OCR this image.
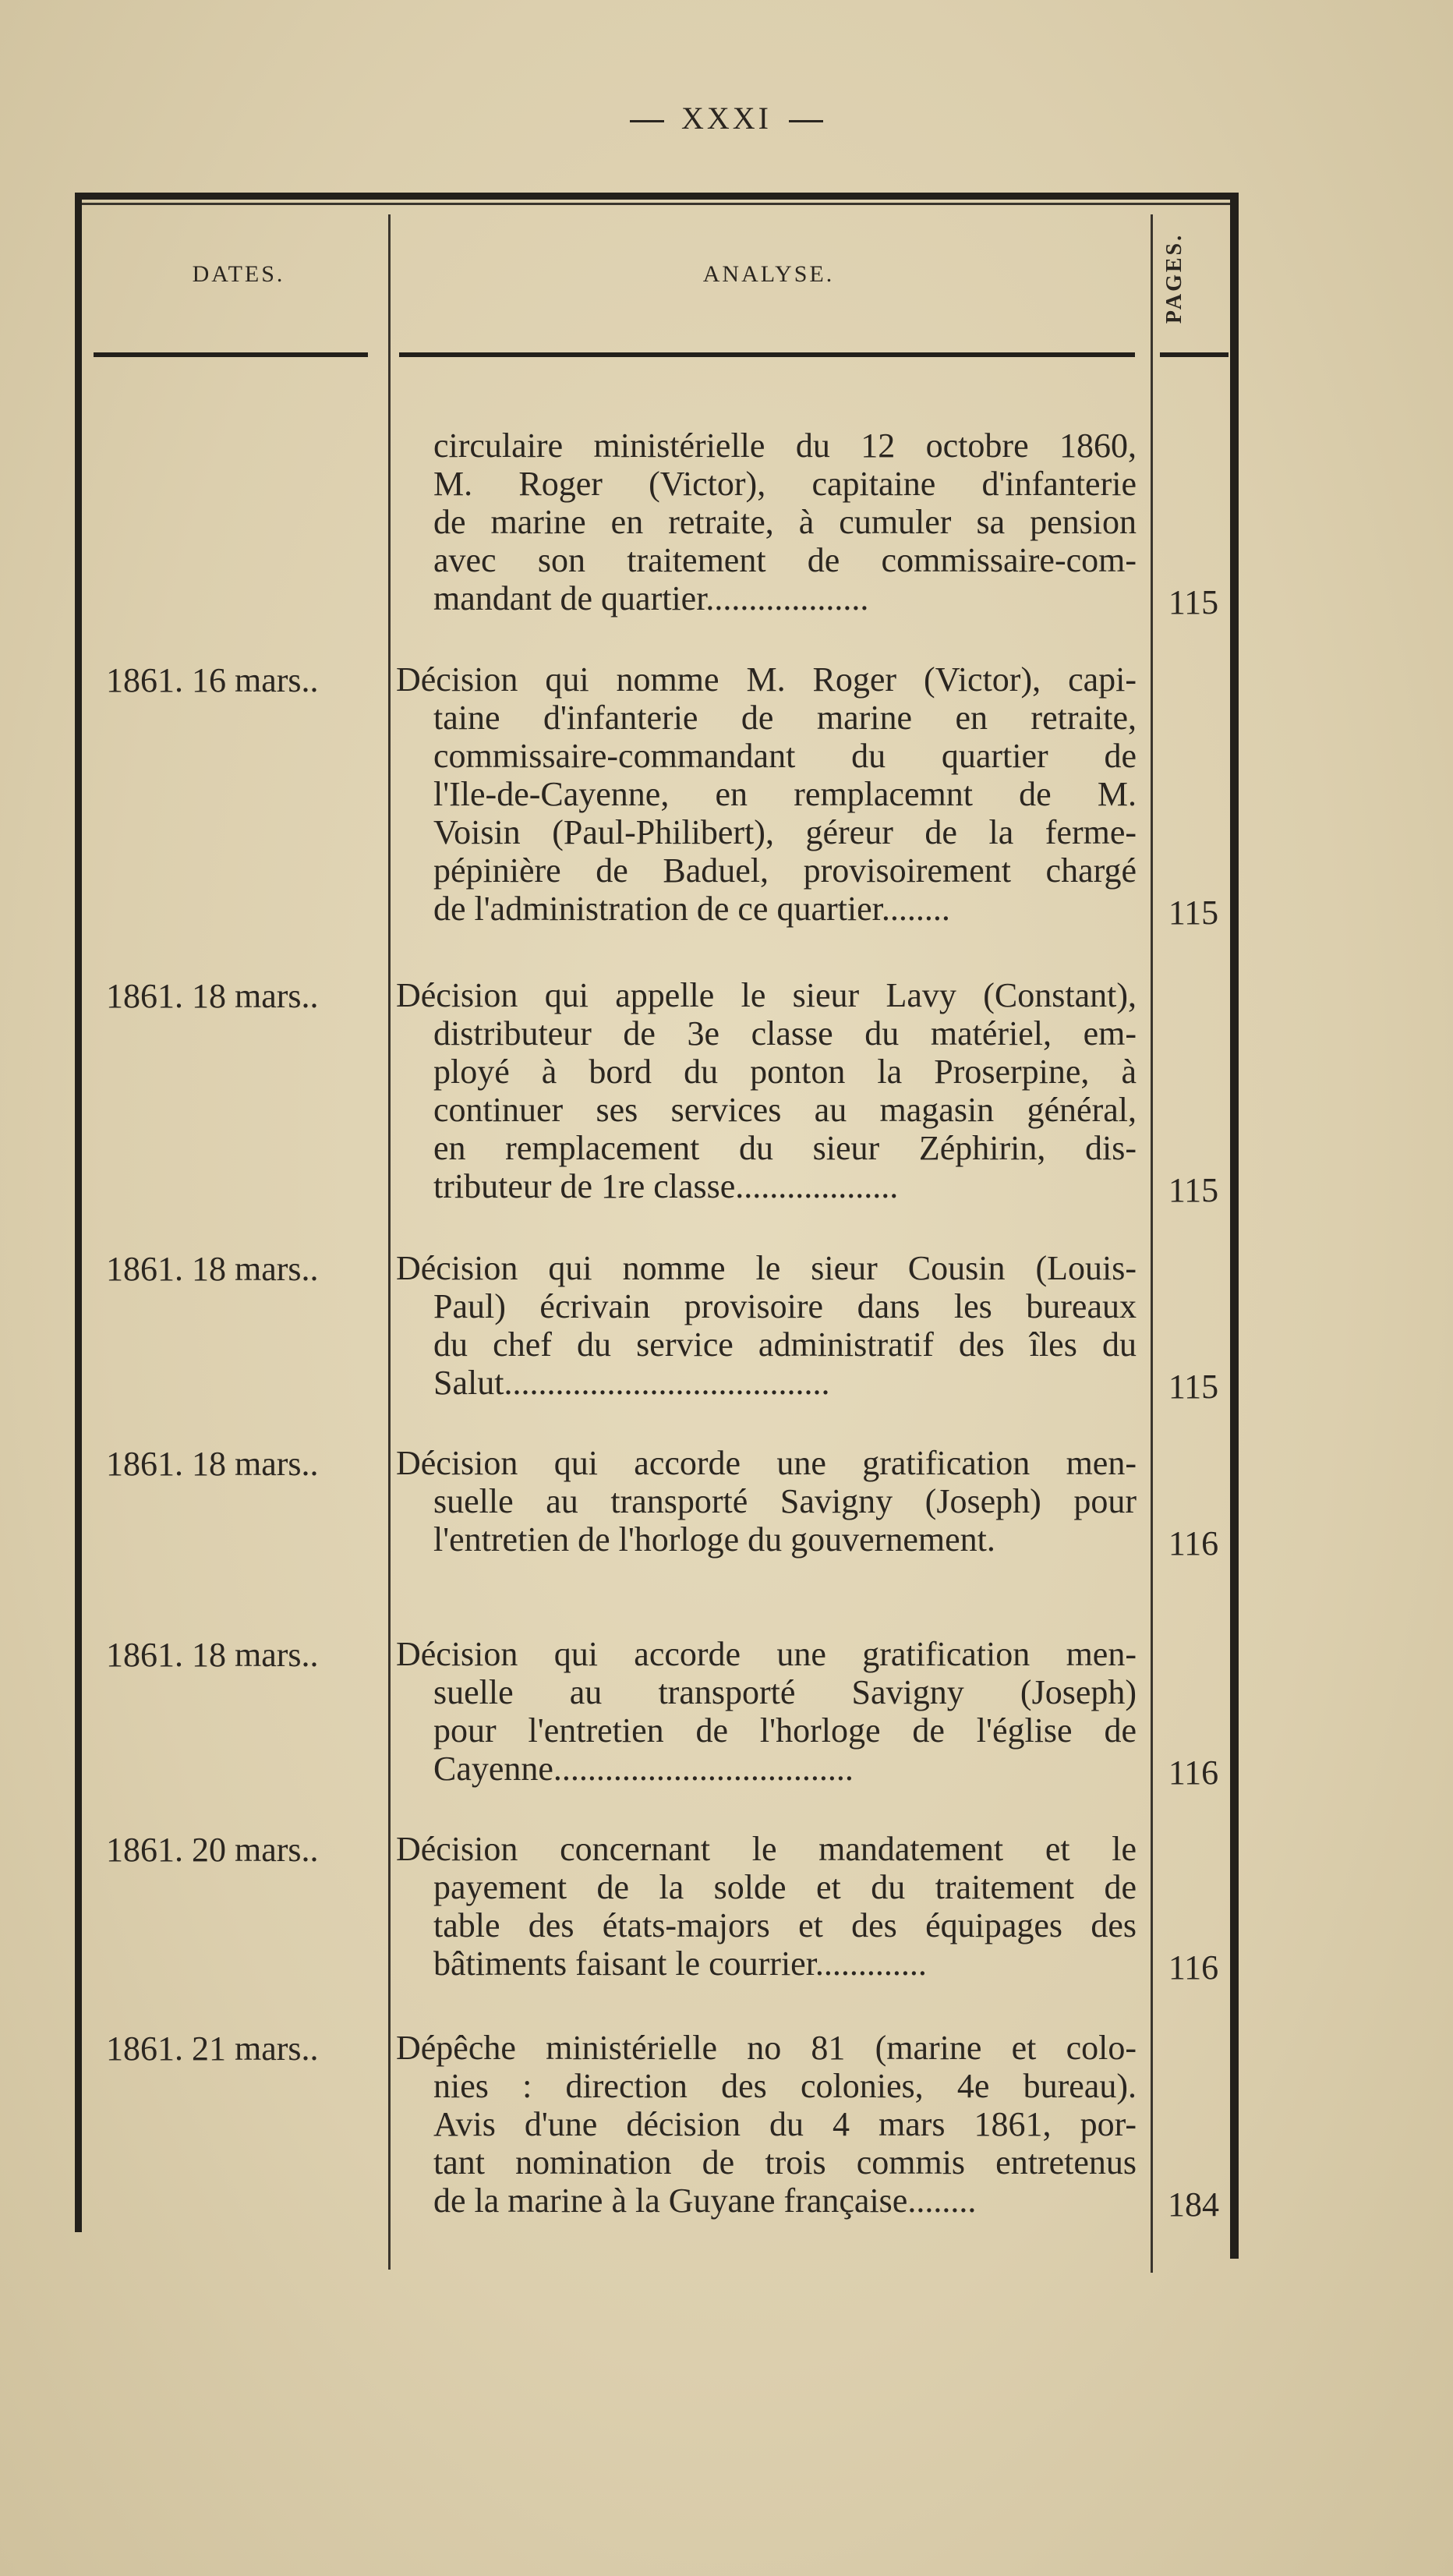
XXXI
DATES.	ANALYSE.	PAGES.
circulaire ministérielle du 12 octobre 1860,
M. Roger (Victor), capitaine d'infanterie
de marine en retraite, à cumuler sa pension
avec son traitement de commissaire-com-
mandant de quartier...................	115
1861. 16 mars..	Décision qui nomme M. Roger (Victor), capi-
taine d'infanterie de marine en retraite,
commissaire-commandant du quartier de
l'Ile-de-Cayenne, en remplacemnt de M.
Voisin (Paul-Philibert), géreur de la ferme-
pépinière de Baduel, provisoirement chargé
de l'administration de ce quartier........	115
1861. 18 mars..	Décision qui appelle le sieur Lavy (Constant),
distributeur de 3e classe du matériel, em-
ployé à bord du ponton la Proserpine, à
continuer ses services au magasin général,
en remplacement du sieur Zéphirin, dis-
tributeur de 1re classe...................	115
1861. 18 mars..	Décision qui nomme le sieur Cousin (Louis-
Paul) écrivain provisoire dans les bureaux
du chef du service administratif des îles du
Salut......................................	115
1861. 18 mars..	Décision qui accorde une gratification men-
suelle au transporté Savigny (Joseph) pour
l'entretien de l'horloge du gouvernement.	116
1861. 18 mars..	Décision qui accorde une gratification men-
suelle au transporté Savigny (Joseph)
pour l'entretien de l'horloge de l'église de
Cayenne...................................	116
1861. 20 mars..	Décision concernant le mandatement et le
payement de la solde et du traitement de
table des états-majors et des équipages des
bâtiments faisant le courrier.............	116
1861. 21 mars..	Dépêche ministérielle no 81 (marine et colo-
nies : direction des colonies, 4e bureau).
Avis d'une décision du 4 mars 1861, por-
tant nomination de trois commis entretenus
de la marine à la Guyane française........	184
